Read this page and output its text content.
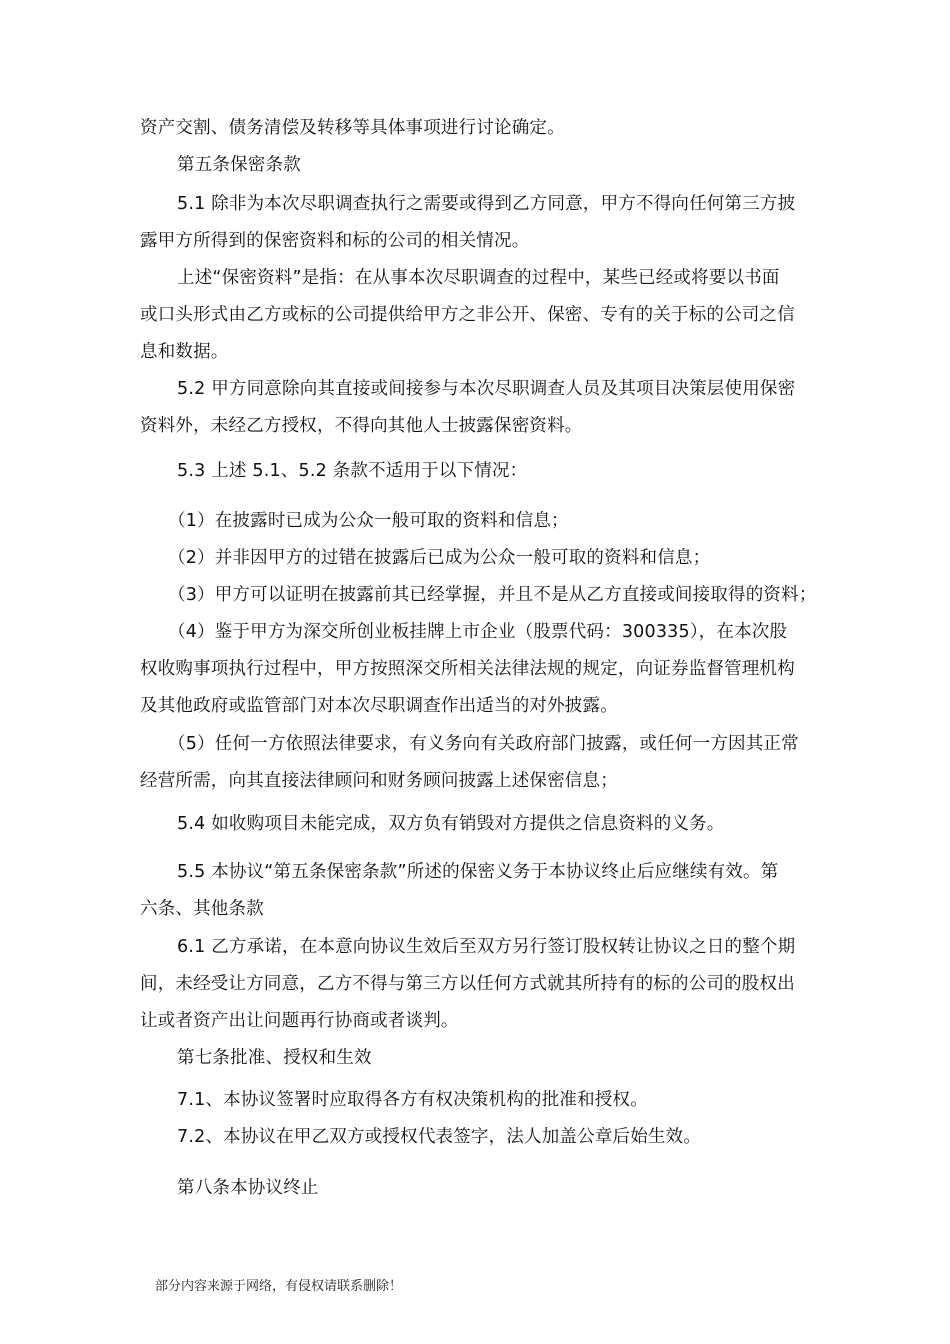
资产交割、债务清偿及转移等具体事项进行讨论确定。
第五条保密条款
5.1 除非为本次尽职调查执行之需要或得到乙方同意，甲方不得向任何第三方披
露甲方所得到的保密资料和标的公司的相关情况。
上述“保密资料”是指：在从事本次尽职调查的过程中，某些已经或将要以书面
或口头形式由乙方或标的公司提供给甲方之非公开、保密、专有的关于标的公司之信
息和数据。
5.2 甲方同意除向其直接或间接参与本次尽职调查人员及其项目决策层使用保密
资料外，未经乙方授权，不得向其他人士披露保密资料。
5.3 上述 5.1、5.2 条款不适用于以下情况：
（1）在披露时已成为公众一般可取的资料和信息；
（2）并非因甲方的过错在披露后已成为公众一般可取的资料和信息；
（3）甲方可以证明在披露前其已经掌握，并且不是从乙方直接或间接取得的资料；
（4）鉴于甲方为深交所创业板挂牌上市企业（股票代码：300335），在本次股
权收购事项执行过程中，甲方按照深交所相关法律法规的规定，向证券监督管理机构
及其他政府或监管部门对本次尽职调查作出适当的对外披露。
（5）任何一方依照法律要求，有义务向有关政府部门披露，或任何一方因其正常
经营所需，向其直接法律顾问和财务顾问披露上述保密信息；
5.4 如收购项目未能完成，双方负有销毁对方提供之信息资料的义务。
5.5 本协议“第五条保密条款”所述的保密义务于本协议终止后应继续有效。第
六条、其他条款
6.1 乙方承诺，在本意向协议生效后至双方另行签订股权转让协议之日的整个期
间，未经受让方同意，乙方不得与第三方以任何方式就其所持有的标的公司的股权出
让或者资产出让问题再行协商或者谈判。
第七条批准、授权和生效
7.1、本协议签署时应取得各方有权决策机构的批准和授权。
7.2、本协议在甲乙双方或授权代表签字，法人加盖公章后始生效。
第八条本协议终止
部分内容来源于网络，有侵权请联系删除！
